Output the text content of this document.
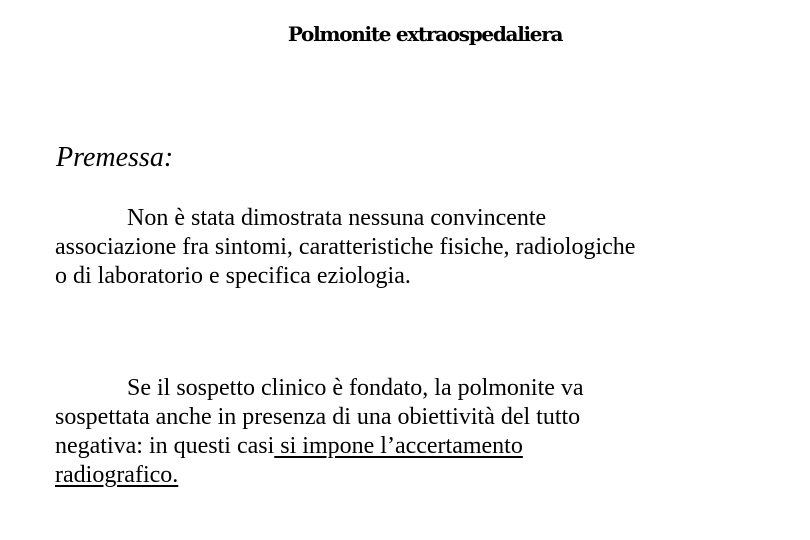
Polmonite extraospedaliera
Premessa:

Non è stata dimostrata nessuna convincente
associazione fra sintomi, caratteristiche fisiche, radiologiche
o di laboratorio e specifica eziologia.

Se il sospetto clinico è fondato, la polmonite va
sospettata anche in presenza di una obiettività del tutto
negativa: in questi casi si impone l’accertamento
radiografico.
